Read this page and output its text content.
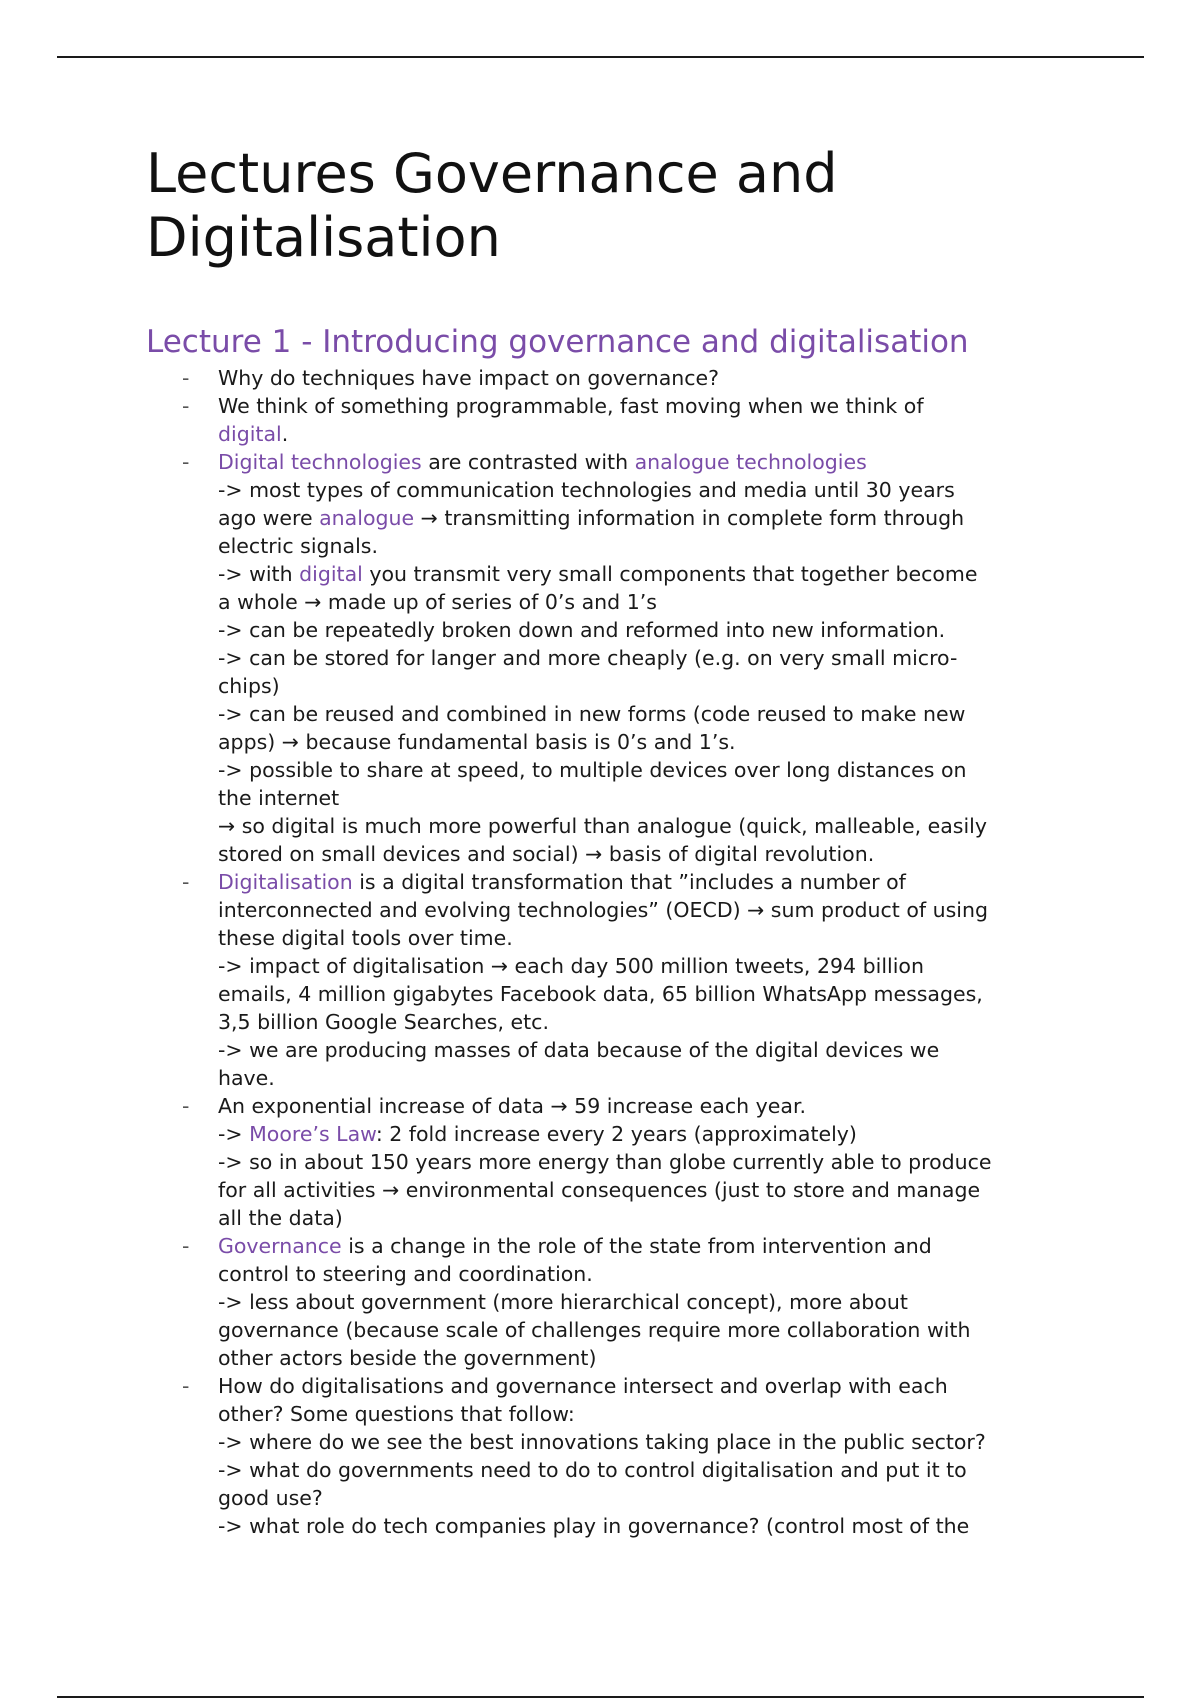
Lectures Governance and
Digitalisation
Lecture 1 - Introducing governance and digitalisation
- Why do techniques have impact on governance?
- We think of something programmable, fast moving when we think of
digital.
- Digital technologies are contrasted with analogue technologies
-> most types of communication technologies and media until 30 years
ago were analogue → transmitting information in complete form through
electric signals.
-> with digital you transmit very small components that together become
a whole → made up of series of 0’s and 1’s
-> can be repeatedly broken down and reformed into new information.
-> can be stored for langer and more cheaply (e.g. on very small micro-
chips)
-> can be reused and combined in new forms (code reused to make new
apps) → because fundamental basis is 0’s and 1’s.
-> possible to share at speed, to multiple devices over long distances on
the internet
→ so digital is much more powerful than analogue (quick, malleable, easily
stored on small devices and social) → basis of digital revolution.
- Digitalisation is a digital transformation that ”includes a number of
interconnected and evolving technologies” (OECD) → sum product of using
these digital tools over time.
-> impact of digitalisation → each day 500 million tweets, 294 billion
emails, 4 million gigabytes Facebook data, 65 billion WhatsApp messages,
3,5 billion Google Searches, etc.
-> we are producing masses of data because of the digital devices we
have.
- An exponential increase of data → 59 increase each year.
-> Moore’s Law: 2 fold increase every 2 years (approximately)
-> so in about 150 years more energy than globe currently able to produce
for all activities → environmental consequences (just to store and manage
all the data)
- Governance is a change in the role of the state from intervention and
control to steering and coordination.
-> less about government (more hierarchical concept), more about
governance (because scale of challenges require more collaboration with
other actors beside the government)
- How do digitalisations and governance intersect and overlap with each
other? Some questions that follow:
-> where do we see the best innovations taking place in the public sector?
-> what do governments need to do to control digitalisation and put it to
good use?
-> what role do tech companies play in governance? (control most of the
